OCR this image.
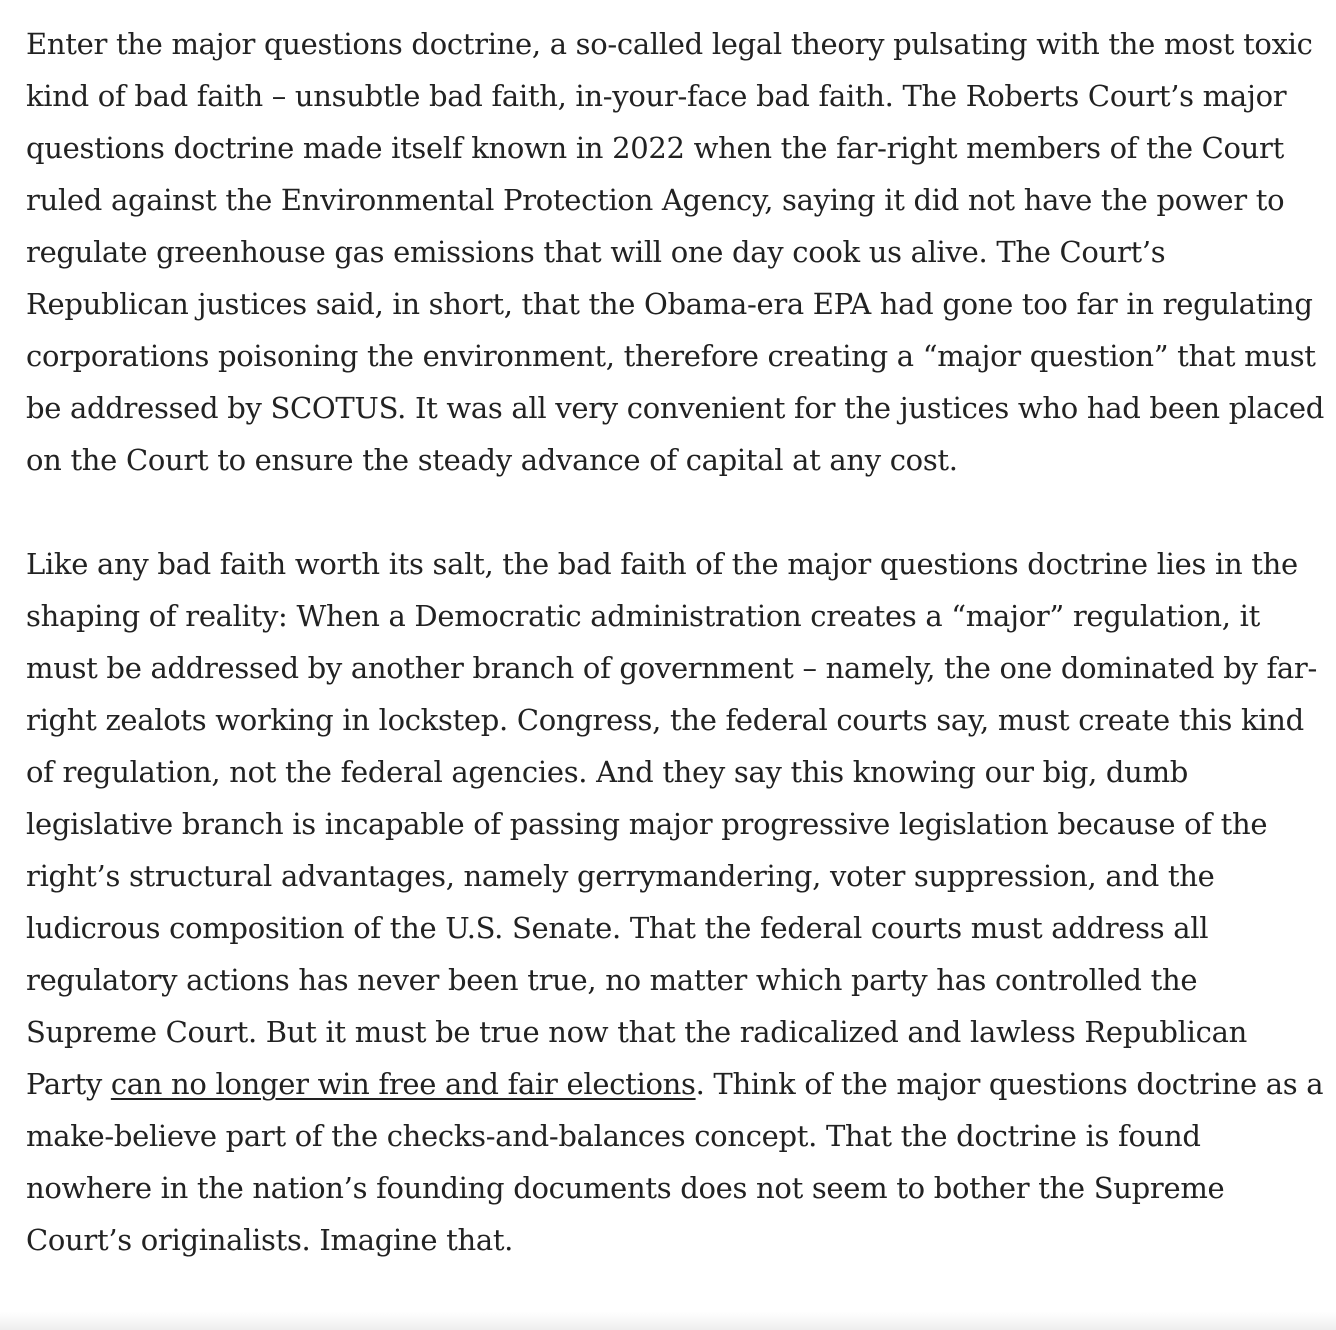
Enter the major questions doctrine, a so-called legal theory pulsating with the most toxic kind of bad faith – unsubtle bad faith, in-your-face bad faith. The Roberts Court’s major questions doctrine made itself known in 2022 when the far-right members of the Court ruled against the Environmental Protection Agency, saying it did not have the power to regulate greenhouse gas emissions that will one day cook us alive. The Court’s Republican justices said, in short, that the Obama-era EPA had gone too far in regulating corporations poisoning the environment, therefore creating a “major question” that must be addressed by SCOTUS. It was all very convenient for the justices who had been placed on the Court to ensure the steady advance of capital at any cost.

Like any bad faith worth its salt, the bad faith of the major questions doctrine lies in the shaping of reality: When a Democratic administration creates a “major” regulation, it must be addressed by another branch of government – namely, the one dominated by far-right zealots working in lockstep. Congress, the federal courts say, must create this kind of regulation, not the federal agencies. And they say this knowing our big, dumb legislative branch is incapable of passing major progressive legislation because of the right’s structural advantages, namely gerrymandering, voter suppression, and the ludicrous composition of the U.S. Senate. That the federal courts must address all regulatory actions has never been true, no matter which party has controlled the Supreme Court. But it must be true now that the radicalized and lawless Republican Party can no longer win free and fair elections. Think of the major questions doctrine as a make-believe part of the checks-and-balances concept. That the doctrine is found nowhere in the nation’s founding documents does not seem to bother the Supreme Court’s originalists. Imagine that.
